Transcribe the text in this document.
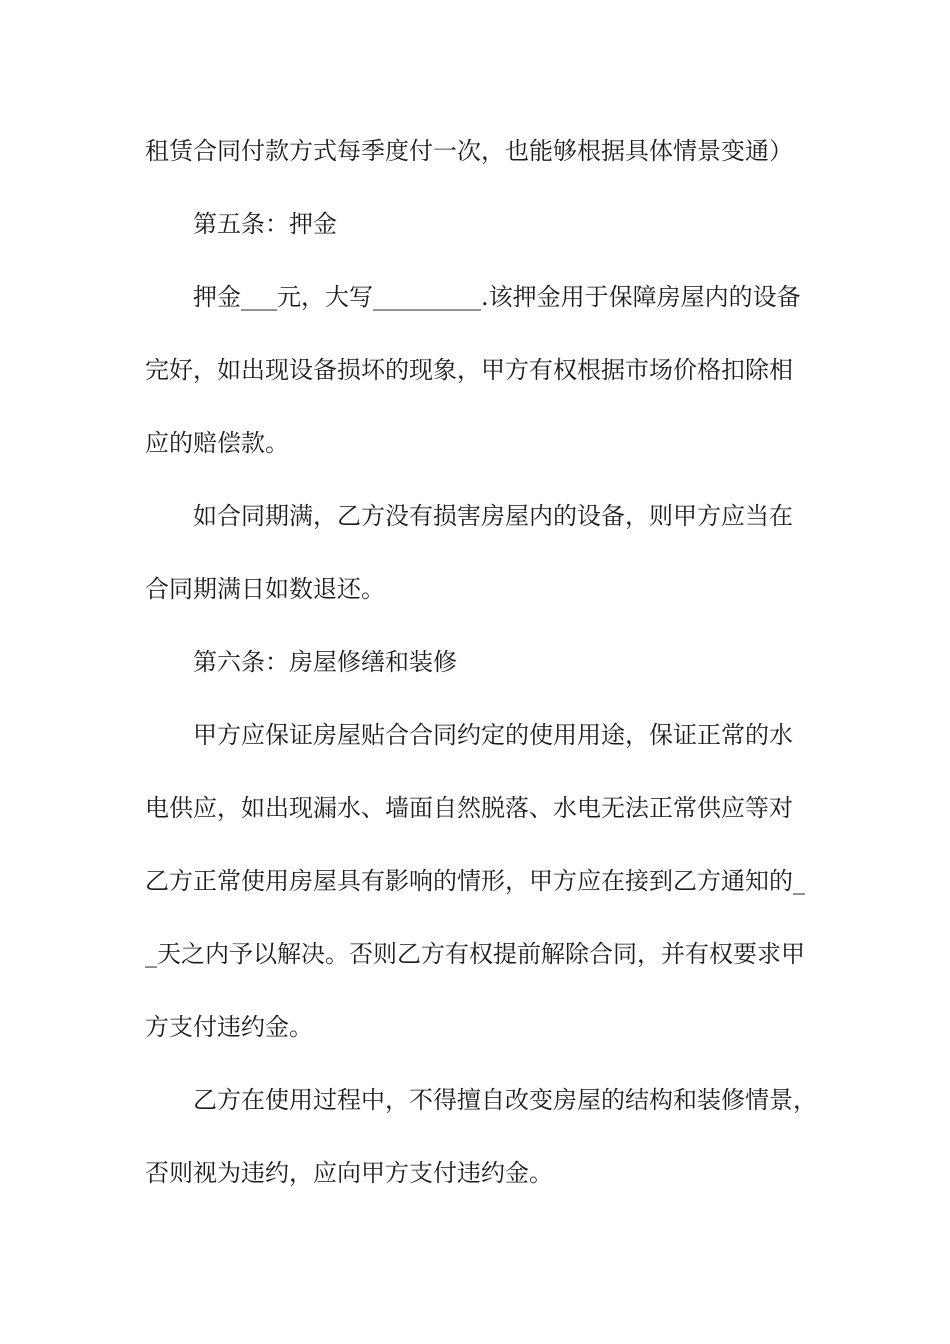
租赁合同付款方式每季度付一次，也能够根据具体情景变通）
第五条：押金
押金___元，大写_________.该押金用于保障房屋内的设备
完好，如出现设备损坏的现象，甲方有权根据市场价格扣除相
应的赔偿款。
如合同期满，乙方没有损害房屋内的设备，则甲方应当在
合同期满日如数退还。
第六条：房屋修缮和装修
甲方应保证房屋贴合合同约定的使用用途，保证正常的水
电供应，如出现漏水、墙面自然脱落、水电无法正常供应等对
乙方正常使用房屋具有影响的情形，甲方应在接到乙方通知的_
_天之内予以解决。否则乙方有权提前解除合同，并有权要求甲
方支付违约金。
乙方在使用过程中，不得擅自改变房屋的结构和装修情景，
否则视为违约，应向甲方支付违约金。
